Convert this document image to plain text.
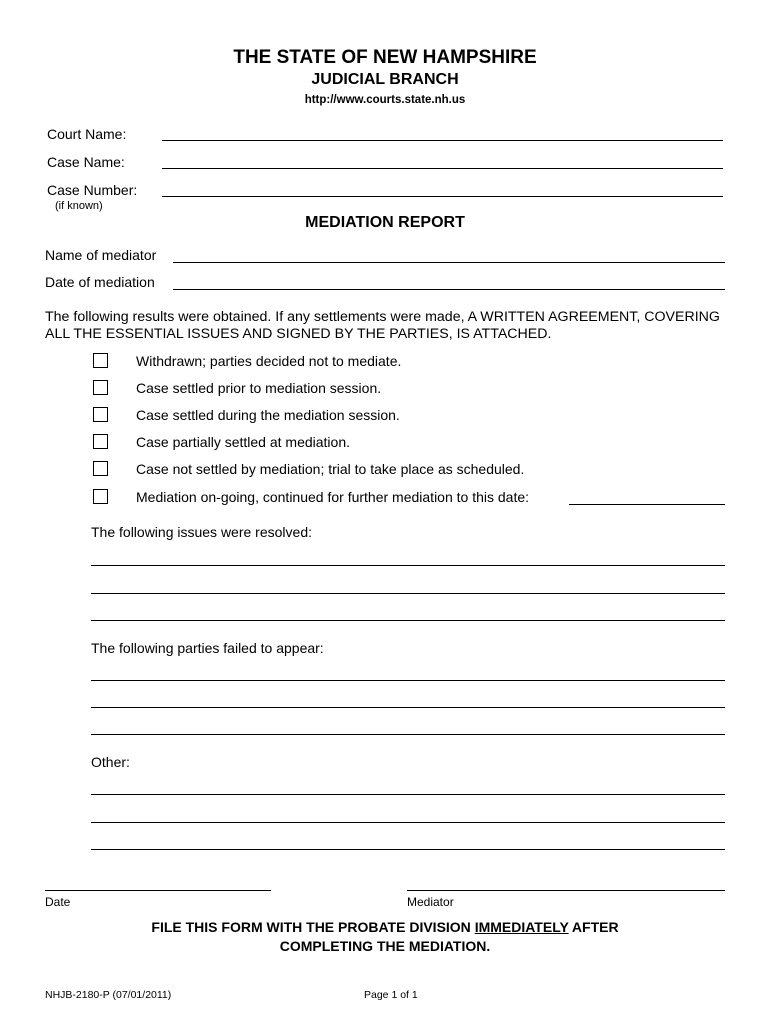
THE STATE OF NEW HAMPSHIRE
JUDICIAL BRANCH
http://www.courts.state.nh.us
Court Name:
Case Name:
Case Number:
(if known)
MEDIATION REPORT
Name of mediator
Date of mediation
The following results were obtained. If any settlements were made, A WRITTEN AGREEMENT, COVERING ALL THE ESSENTIAL ISSUES AND SIGNED BY THE PARTIES, IS ATTACHED.
Withdrawn; parties decided not to mediate.
Case settled prior to mediation session.
Case settled during the mediation session.
Case partially settled at mediation.
Case not settled by mediation; trial to take place as scheduled.
Mediation on-going, continued for further mediation to this date:
The following issues were resolved:
The following parties failed to appear:
Other:
Date	Mediator
FILE THIS FORM WITH THE PROBATE DIVISION IMMEDIATELY AFTER
COMPLETING THE MEDIATION.
NHJB-2180-P (07/01/2011)	Page 1 of 1
